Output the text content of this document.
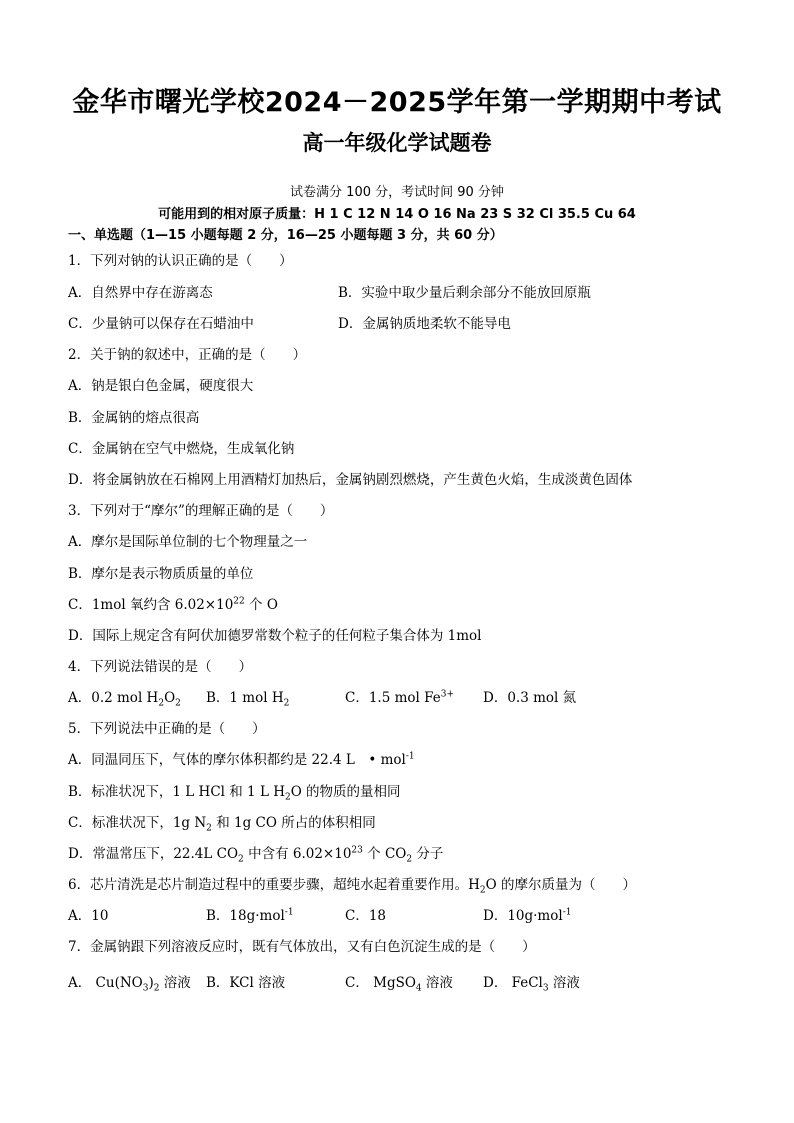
金华市曙光学校2024－2025学年第一学期期中考试
高一年级化学试题卷
试卷满分 100 分，考试时间 90 分钟
可能用到的相对原子质量：H 1 C 12 N 14 O 16 Na 23 S 32 Cl 35.5 Cu 64
一、单选题（1—15 小题每题 2 分，16—25 小题每题 3 分，共 60 分）
1．下列对钠的认识正确的是（　　）
A．自然界中存在游离态	B．实验中取少量后剩余部分不能放回原瓶
C．少量钠可以保存在石蜡油中	D．金属钠质地柔软不能导电
2．关于钠的叙述中，正确的是（　　）
A．钠是银白色金属，硬度很大
B．金属钠的熔点很高
C．金属钠在空气中燃烧，生成氧化钠
D．将金属钠放在石棉网上用酒精灯加热后，金属钠剧烈燃烧，产生黄色火焰，生成淡黄色固体
3．下列对于“摩尔”的理解正确的是（　　）
A．摩尔是国际单位制的七个物理量之一
B．摩尔是表示物质质量的单位
C．1mol 氧约含 $6.02\times 10^{22}$ 个 O
D．国际上规定含有阿伏加德罗常数个粒子的任何粒子集合体为 1mol
4．下列说法错误的是（　　）
A．0.2 mol $H_2O_2$ B．1 mol $H_2$	C．1.5 mol $Fe^{3+}$ D．0.3 mol 氮
5．下列说法中正确的是（　　）
A．同温同压下，气体的摩尔体积都约是 22.4 L　• mol$^{-1}$
B．标准状况下，1 L HCl 和 1 L $H_2O$ 的物质的量相同
C．标准状况下，1g $N_2$ 和 1g CO 所占的体积相同
D．常温常压下，22.4L $CO_2$ 中含有 $6.02\times 10^{23}$ 个 $CO_2$ 分子
6．芯片清洗是芯片制造过程中的重要步骤，超纯水起着重要作用。$H_2O$ 的摩尔质量为（　　）
A．10	B．18g·mol$^{-1}$	C．18	D．10g·mol$^{-1}$
7．金属钠跟下列溶液反应时，既有气体放出，又有白色沉淀生成的是（　　）
A． $Cu(NO_3)_2$ 溶液 B．KCl 溶液	C． MgSO$_4$ 溶液 D． FeCl$_3$ 溶液
